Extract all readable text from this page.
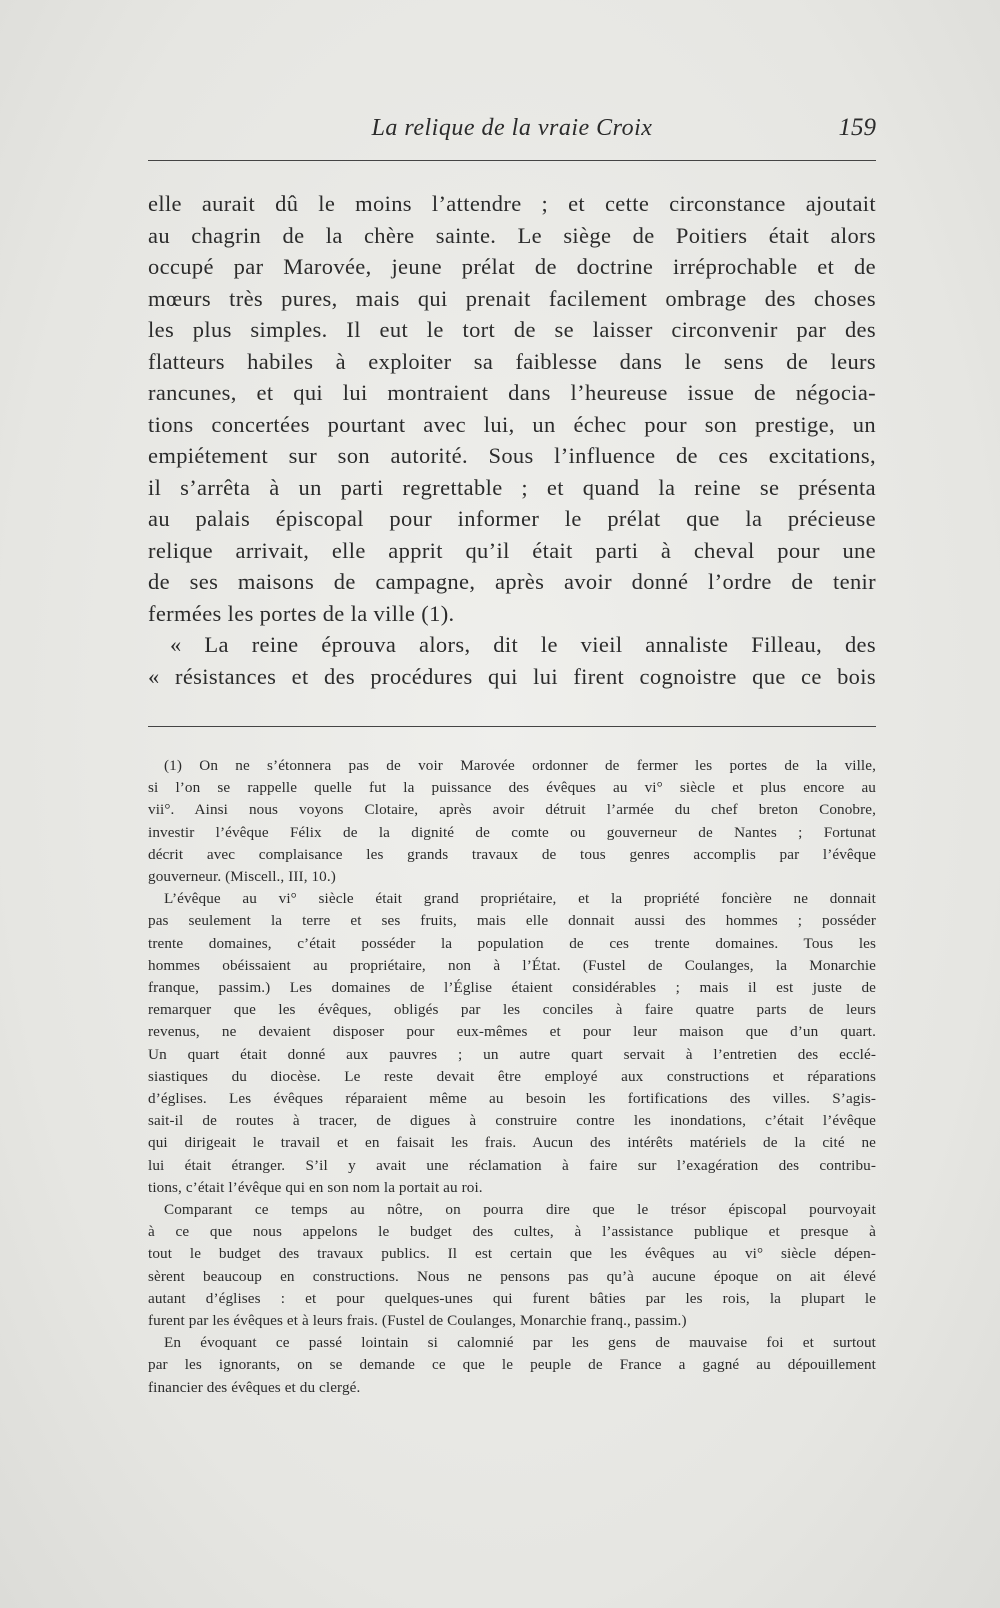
La relique de la vraie Croix	159
elle aurait dû le moins l’attendre ; et cette circonstance ajoutait
au chagrin de la chère sainte. Le siège de Poitiers était alors
occupé par Marovée, jeune prélat de doctrine irréprochable et de
mœurs très pures, mais qui prenait facilement ombrage des choses
les plus simples. Il eut le tort de se laisser circonvenir par des
flatteurs habiles à exploiter sa faiblesse dans le sens de leurs
rancunes, et qui lui montraient dans l’heureuse issue de négocia-
tions concertées pourtant avec lui, un échec pour son prestige, un
empiétement sur son autorité. Sous l’influence de ces excitations,
il s’arrêta à un parti regrettable ; et quand la reine se présenta
au palais épiscopal pour informer le prélat que la précieuse
relique arrivait, elle apprit qu’il était parti à cheval pour une
de ses maisons de campagne, après avoir donné l’ordre de tenir
fermées les portes de la ville (1).
« La reine éprouva alors, dit le vieil annaliste Filleau, des
« résistances et des procédures qui lui firent cognoistre que ce bois
(1) On ne s’étonnera pas de voir Marovée ordonner de fermer les portes de la ville,
si l’on se rappelle quelle fut la puissance des évêques au vi° siècle et plus encore au
vii°. Ainsi nous voyons Clotaire, après avoir détruit l’armée du chef breton Conobre,
investir l’évêque Félix de la dignité de comte ou gouverneur de Nantes ; Fortunat
décrit avec complaisance les grands travaux de tous genres accomplis par l’évêque
gouverneur. (Miscell., III, 10.)
L’évêque au vi° siècle était grand propriétaire, et la propriété foncière ne donnait
pas seulement la terre et ses fruits, mais elle donnait aussi des hommes ; posséder
trente domaines, c’était posséder la population de ces trente domaines. Tous les
hommes obéissaient au propriétaire, non à l’État. (Fustel de Coulanges, la Monarchie
franque, passim.) Les domaines de l’Église étaient considérables ; mais il est juste de
remarquer que les évêques, obligés par les conciles à faire quatre parts de leurs
revenus, ne devaient disposer pour eux-mêmes et pour leur maison que d’un quart.
Un quart était donné aux pauvres ; un autre quart servait à l’entretien des ecclé-
siastiques du diocèse. Le reste devait être employé aux constructions et réparations
d’églises. Les évêques réparaient même au besoin les fortifications des villes. S’agis-
sait-il de routes à tracer, de digues à construire contre les inondations, c’était l’évêque
qui dirigeait le travail et en faisait les frais. Aucun des intérêts matériels de la cité ne
lui était étranger. S’il y avait une réclamation à faire sur l’exagération des contribu-
tions, c’était l’évêque qui en son nom la portait au roi.
Comparant ce temps au nôtre, on pourra dire que le trésor épiscopal pourvoyait
à ce que nous appelons le budget des cultes, à l’assistance publique et presque à
tout le budget des travaux publics. Il est certain que les évêques au vi° siècle dépen-
sèrent beaucoup en constructions. Nous ne pensons pas qu’à aucune époque on ait élevé
autant d’églises : et pour quelques-unes qui furent bâties par les rois, la plupart le
furent par les évêques et à leurs frais. (Fustel de Coulanges, Monarchie franq., passim.)
En évoquant ce passé lointain si calomnié par les gens de mauvaise foi et surtout
par les ignorants, on se demande ce que le peuple de France a gagné au dépouillement
financier des évêques et du clergé.
